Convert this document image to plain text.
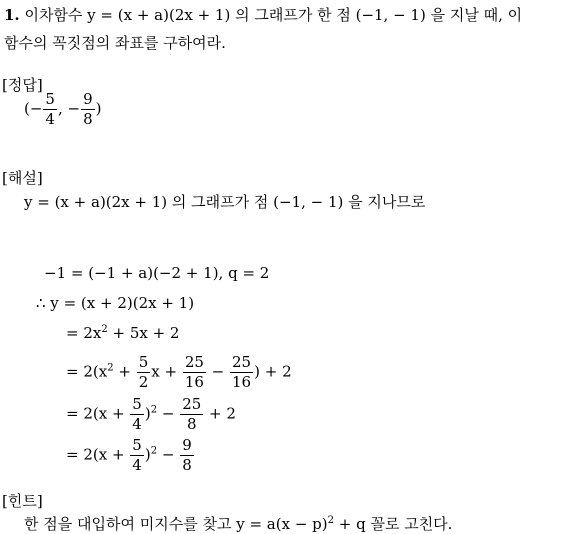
1. 이차함수 y = (x + a)(2x + 1) 의 그래프가 한 점 (−1, − 1) 을 지날 때, 이
함수의 꼭짓점의 좌표를 구하여라.
[정답]
(− $\frac{5}{4}$ , − $\frac{9}{8}$ )
[해설]
y = (x + a)(2x + 1) 의 그래프가 점 (−1, − 1) 을 지나므로
−1 = (−1 + a)(−2 + 1), q = 2
∴ y = (x + 2)(2x + 1)
= $2x^2 + 5x + 2$
= $2(x^2 + \frac{5}{2}$ $x + \frac{25}{16} - \frac{25}{16}$ ) + 2
= $2(x + \frac{5}{4} )^2 - \frac{25}{8} + 2$
= $2(x + \frac{5}{4} )^2 - \frac{9}{8}$
[힌트]
한 점을 대입하여 미지수를 찾고 $y = a(x - p)^2 + q$ 꼴로 고친다.
